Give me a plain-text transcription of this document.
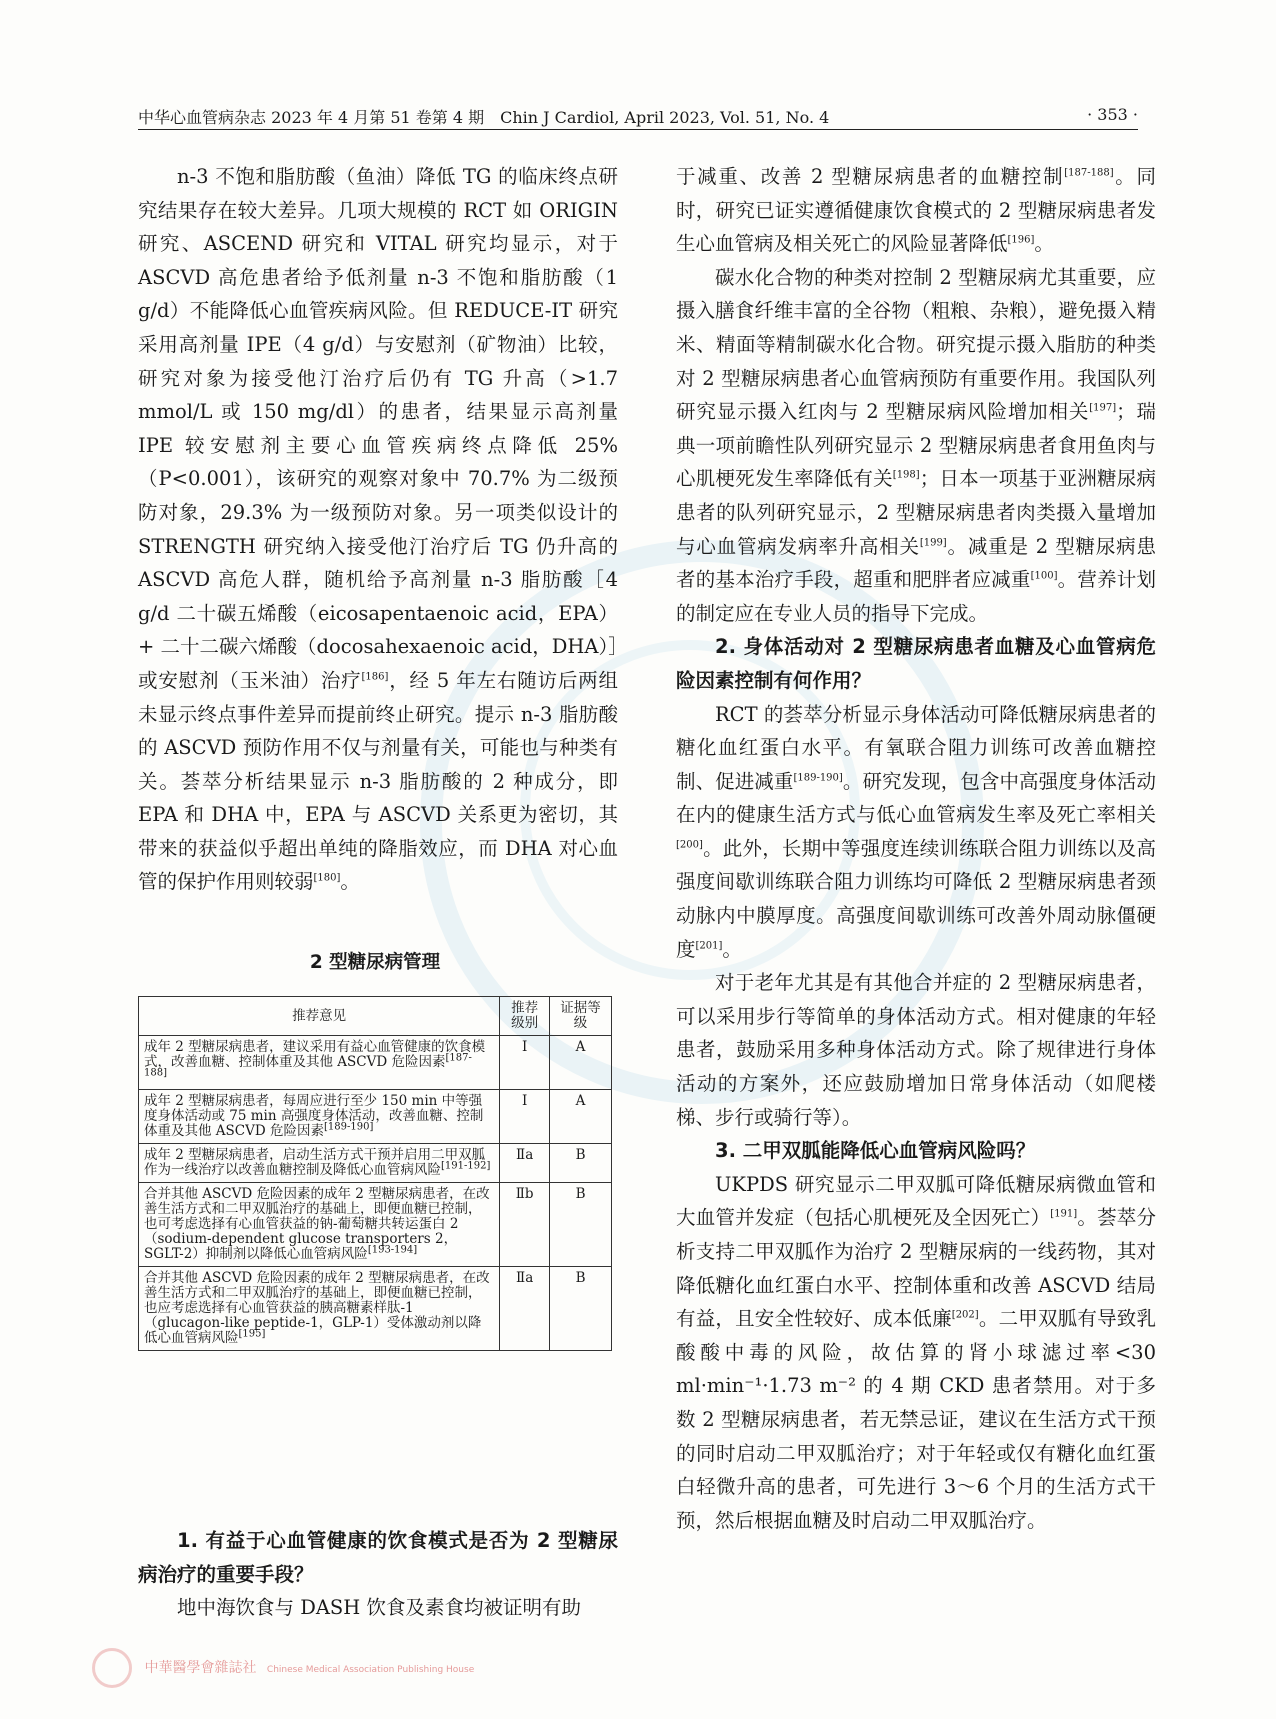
中华心血管病杂志 2023 年 4 月第 51 卷第 4 期　Chin J Cardiol, April 2023, Vol. 51, No. 4	· 353 ·

n-3 不饱和脂肪酸（鱼油）降低 TG 的临床终点研究结果存在较大差异。几项大规模的 RCT 如 ORIGIN 研究、ASCEND 研究和 VITAL 研究均显示，对于 ASCVD 高危患者给予低剂量 n-3 不饱和脂肪酸（1 g/d）不能降低心血管疾病风险。但 REDUCE-IT 研究采用高剂量 IPE（4 g/d）与安慰剂（矿物油）比较，研究对象为接受他汀治疗后仍有 TG 升高（>1.7 mmol/L 或 150 mg/dl）的患者，结果显示高剂量 IPE 较安慰剂主要心血管疾病终点降低 25%（P<0.001），该研究的观察对象中 70.7% 为二级预防对象，29.3% 为一级预防对象。另一项类似设计的 STRENGTH 研究纳入接受他汀治疗后 TG 仍升高的 ASCVD 高危人群，随机给予高剂量 n-3 脂肪酸［4 g/d 二十碳五烯酸（eicosapentaenoic acid，EPA）+ 二十二碳六烯酸（docosahexaenoic acid，DHA）］或安慰剂（玉米油）治疗[186]，经 5 年左右随访后两组未显示终点事件差异而提前终止研究。提示 n-3 脂肪酸的 ASCVD 预防作用不仅与剂量有关，可能也与种类有关。荟萃分析结果显示 n-3 脂肪酸的 2 种成分，即 EPA 和 DHA 中，EPA 与 ASCVD 关系更为密切，其带来的获益似乎超出单纯的降脂效应，而 DHA 对心血管的保护作用则较弱[180]。

2 型糖尿病管理
推荐意见	推荐级别	证据等级
成年 2 型糖尿病患者，建议采用有益心血管健康的饮食模式，改善血糖、控制体重及其他 ASCVD 危险因素[187-188]	Ⅰ	A
成年 2 型糖尿病患者，每周应进行至少 150 min 中等强度身体活动或 75 min 高强度身体活动，改善血糖、控制体重及其他 ASCVD 危险因素[189-190]	Ⅰ	A
成年 2 型糖尿病患者，启动生活方式干预并启用二甲双胍作为一线治疗以改善血糖控制及降低心血管病风险[191-192]	Ⅱa	B
合并其他 ASCVD 危险因素的成年 2 型糖尿病患者，在改善生活方式和二甲双胍治疗的基础上，即便血糖已控制，也可考虑选择有心血管获益的钠-葡萄糖共转运蛋白 2（sodium-dependent glucose transporters 2，SGLT-2）抑制剂以降低心血管病风险[193-194]	Ⅱb	B
合并其他 ASCVD 危险因素的成年 2 型糖尿病患者，在改善生活方式和二甲双胍治疗的基础上，即便血糖已控制，也应考虑选择有心血管获益的胰高糖素样肽-1（glucagon-like peptide-1，GLP-1）受体激动剂以降低心血管病风险[195]	Ⅱa	B
1. 有益于心血管健康的饮食模式是否为 2 型糖尿病治疗的重要手段？

地中海饮食与 DASH 饮食及素食均被证明有助

于减重、改善 2 型糖尿病患者的血糖控制[187-188]。同时，研究已证实遵循健康饮食模式的 2 型糖尿病患者发生心血管病及相关死亡的风险显著降低[196]。

碳水化合物的种类对控制 2 型糖尿病尤其重要，应摄入膳食纤维丰富的全谷物（粗粮、杂粮），避免摄入精米、精面等精制碳水化合物。研究提示摄入脂肪的种类对 2 型糖尿病患者心血管病预防有重要作用。我国队列研究显示摄入红肉与 2 型糖尿病风险增加相关[197]；瑞典一项前瞻性队列研究显示 2 型糖尿病患者食用鱼肉与心肌梗死发生率降低有关[198]；日本一项基于亚洲糖尿病患者的队列研究显示，2 型糖尿病患者肉类摄入量增加与心血管病发病率升高相关[199]。减重是 2 型糖尿病患者的基本治疗手段，超重和肥胖者应减重[100]。营养计划的制定应在专业人员的指导下完成。

2. 身体活动对 2 型糖尿病患者血糖及心血管病危险因素控制有何作用？

RCT 的荟萃分析显示身体活动可降低糖尿病患者的糖化血红蛋白水平。有氧联合阻力训练可改善血糖控制、促进减重[189-190]。研究发现，包含中高强度身体活动在内的健康生活方式与低心血管病发生率及死亡率相关[200]。此外，长期中等强度连续训练联合阻力训练以及高强度间歇训练联合阻力训练均可降低 2 型糖尿病患者颈动脉内中膜厚度。高强度间歇训练可改善外周动脉僵硬度[201]。

对于老年尤其是有其他合并症的 2 型糖尿病患者，可以采用步行等简单的身体活动方式。相对健康的年轻患者，鼓励采用多种身体活动方式。除了规律进行身体活动的方案外，还应鼓励增加日常身体活动（如爬楼梯、步行或骑行等）。

3. 二甲双胍能降低心血管病风险吗？

UKPDS 研究显示二甲双胍可降低糖尿病微血管和大血管并发症（包括心肌梗死及全因死亡）[191]。荟萃分析支持二甲双胍作为治疗 2 型糖尿病的一线药物，其对降低糖化血红蛋白水平、控制体重和改善 ASCVD 结局有益，且安全性较好、成本低廉[202]。二甲双胍有导致乳酸酸中毒的风险，故估算的肾小球滤过率<30 ml·min⁻¹·1.73 m⁻² 的 4 期 CKD 患者禁用。对于多数 2 型糖尿病患者，若无禁忌证，建议在生活方式干预的同时启动二甲双胍治疗；对于年轻或仅有糖化血红蛋白轻微升高的患者，可先进行 3～6 个月的生活方式干预，然后根据血糖及时启动二甲双胍治疗。

中華醫學會雜誌社 Chinese Medical Association Publishing House
